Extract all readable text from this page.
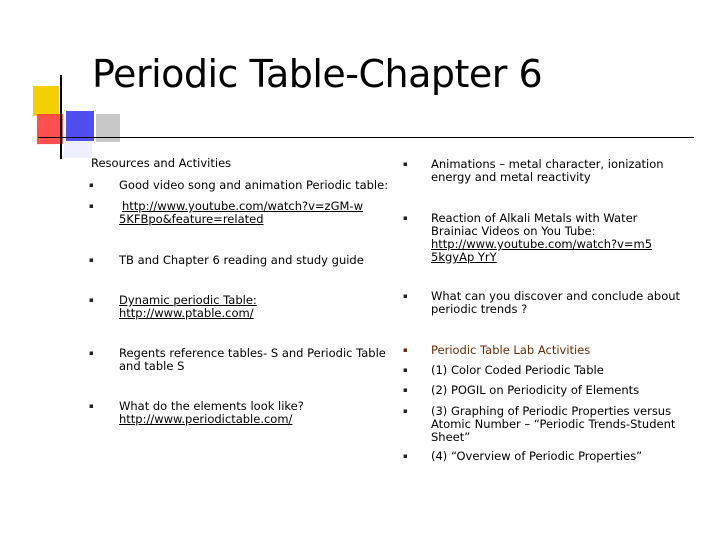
Periodic Table-Chapter 6
Resources and Activities
▪ Good video song and animation Periodic table:
▪ http://www.youtube.com/watch?v=zGM-w5KFBpo&feature=related
▪ TB and Chapter 6 reading and study guide
▪ Dynamic periodic Table:
http://www.ptable.com/
▪ Regents reference tables- S and Periodic Table and table S
▪ What do the elements look like?
http://www.periodictable.com/
▪ Animations – metal character, ionization energy and metal reactivity
▪ Reaction of Alkali Metals with Water Brainiac Videos on You Tube:
http://www.youtube.com/watch?v=m55kgyAp YrY
▪ What can you discover and conclude about periodic trends ?
▪ Periodic Table Lab Activities
▪ (1) Color Coded Periodic Table
▪ (2) POGIL on Periodicity of Elements
▪ (3) Graphing of Periodic Properties versus Atomic Number – “Periodic Trends-Student Sheet”
▪ (4) “Overview of Periodic Properties”
